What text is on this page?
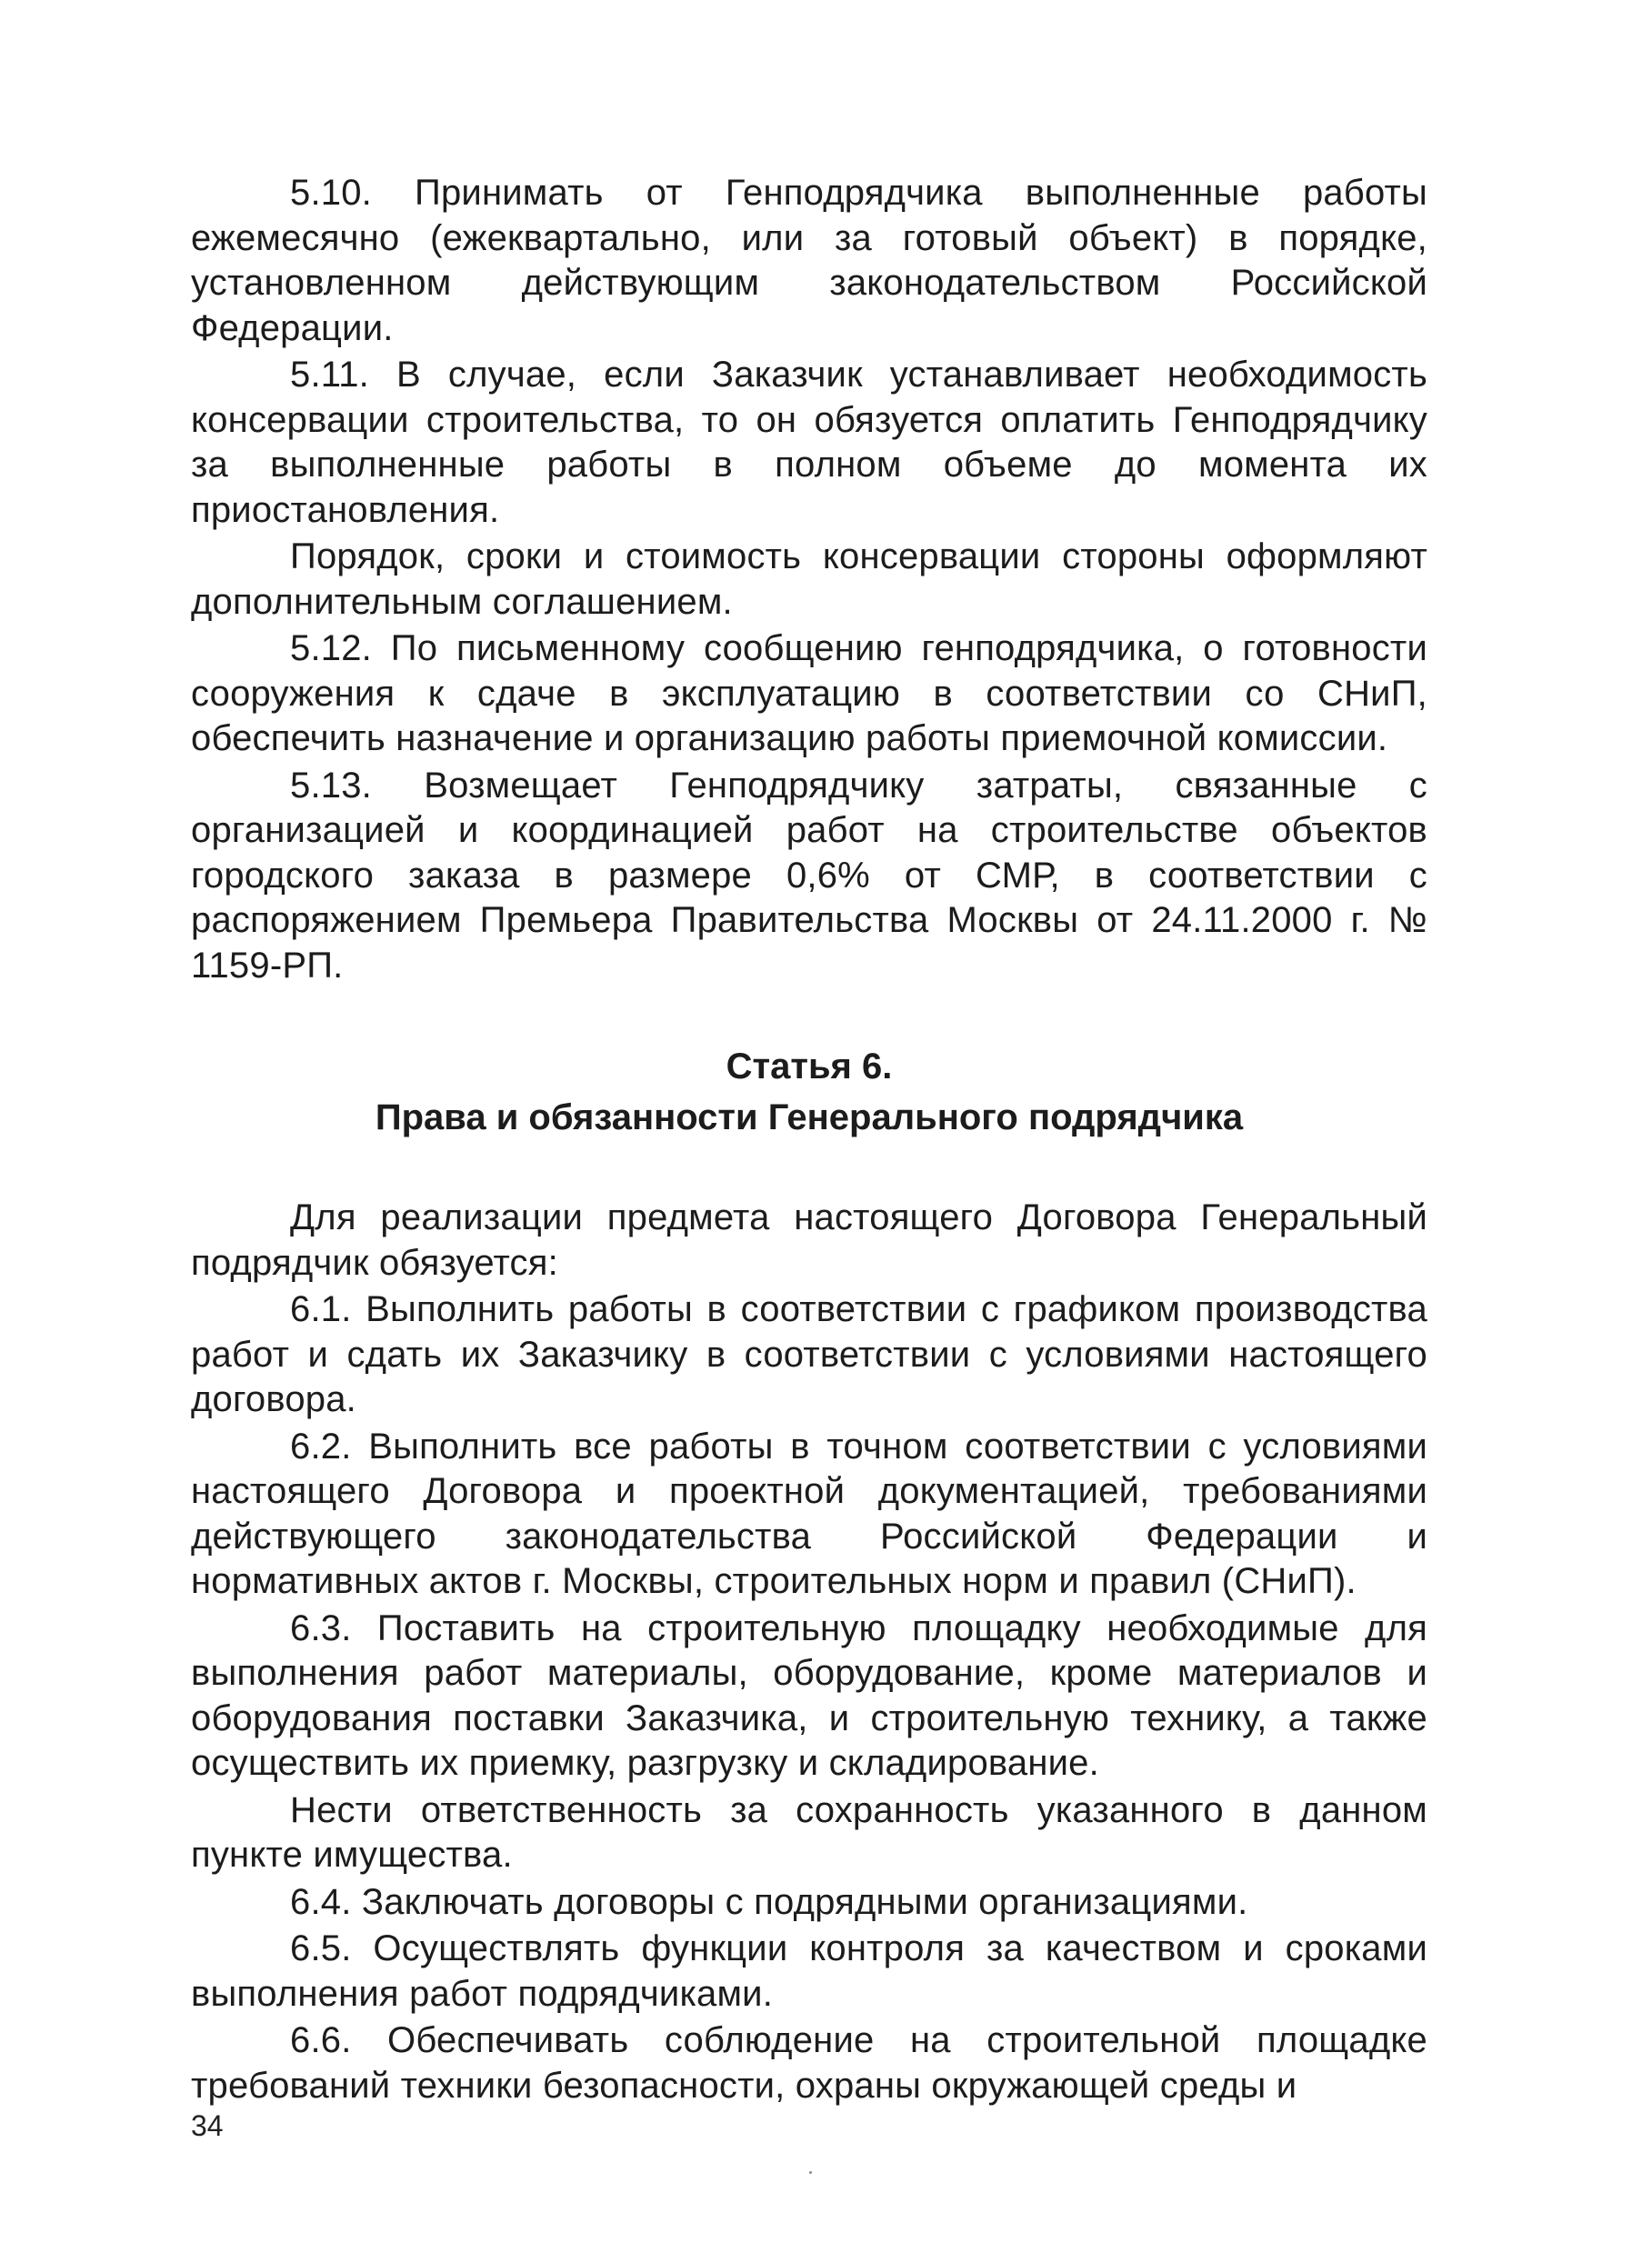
5.10. Принимать от Генподрядчика выполненные работы ежемесячно (ежеквартально, или за готовый объект) в порядке, установленном действующим законодательством Российской Федерации.

5.11. В случае, если Заказчик устанавливает необходимость консервации строительства, то он обязуется оплатить Генподрядчику за выполненные работы в полном объеме до момента их приостановления.

Порядок, сроки и стоимость консервации стороны оформляют дополнительным соглашением.

5.12. По письменному сообщению генподрядчика, о готовности сооружения к сдаче в эксплуатацию в соответствии со СНиП, обеспечить назначение и организацию работы приемочной комиссии.

5.13. Возмещает Генподрядчику затраты, связанные с организацией и координацией работ на строительстве объектов городского заказа в размере 0,6% от СМР, в соответствии с распоряжением Премьера Правительства Москвы от 24.11.2000 г. № 1159-РП.

Статья 6.
Права и обязанности Генерального подрядчика

Для реализации предмета настоящего Договора Генеральный подрядчик обязуется:

6.1. Выполнить работы в соответствии с графиком производства работ и сдать их Заказчику в соответствии с условиями настоящего договора.

6.2. Выполнить все работы в точном соответствии с условиями настоящего Договора и проектной документацией, требованиями действующего законодательства Российской Федерации и нормативных актов г. Москвы, строительных норм и правил (СНиП).

6.3. Поставить на строительную площадку необходимые для выполнения работ материалы, оборудование, кроме материалов и оборудования поставки Заказчика, и строительную технику, а также осуществить их приемку, разгрузку и складирование.

Нести ответственность за сохранность указанного в данном пункте имущества.

6.4. Заключать договоры с подрядными организациями.

6.5. Осуществлять функции контроля за качеством и сроками выполнения работ подрядчиками.

6.6. Обеспечивать соблюдение на строительной площадке требований техники безопасности, охраны окружающей среды и

34
